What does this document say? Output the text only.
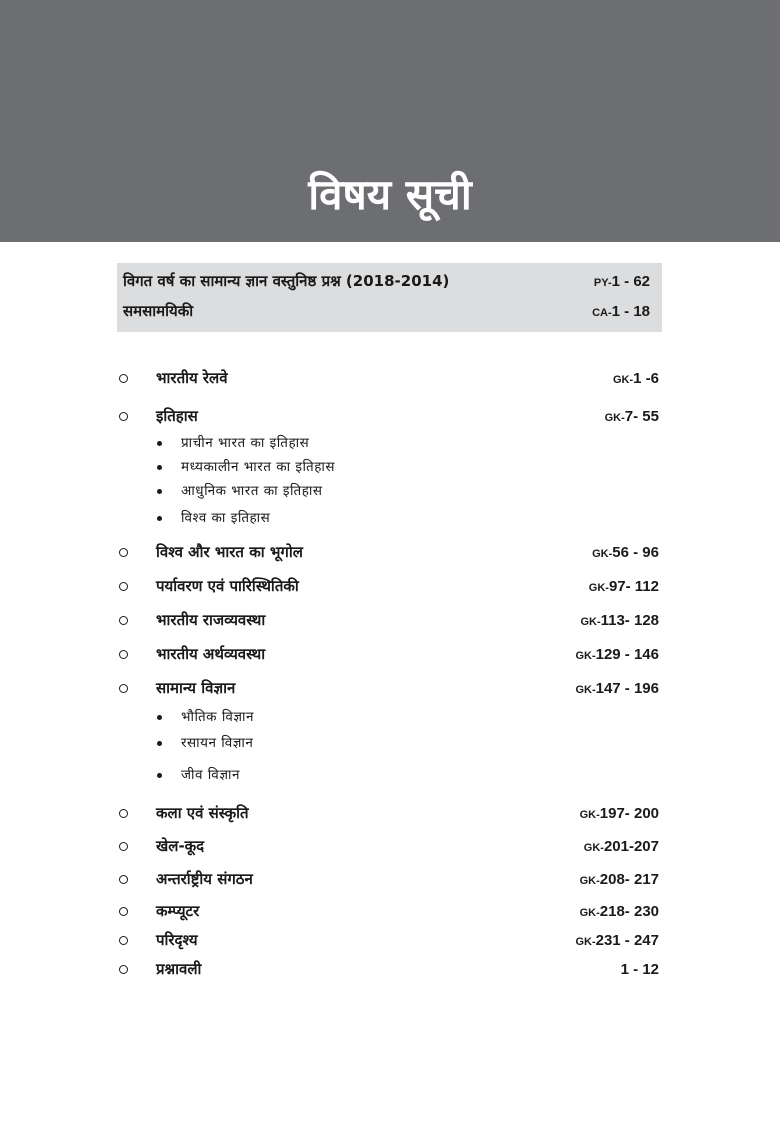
विषय सूची
विगत वर्ष का सामान्य ज्ञान वस्तुनिष्ठ प्रश्न (2018-2014)	PY-1 - 62
समसामयिकी	CA-1 - 18
भारतीय रेलवे	GK-1 -6
इतिहास	GK-7- 55
प्राचीन भारत का इतिहास
मध्यकालीन भारत का इतिहास
आधुनिक भारत का इतिहास
विश्व का इतिहास
विश्व और भारत का भूगोल	GK-56 - 96
पर्यावरण एवं पारिस्थितिकी	GK-97- 112
भारतीय राजव्यवस्था	GK-113- 128
भारतीय अर्थव्यवस्था	GK-129 - 146
सामान्य विज्ञान	GK-147 - 196
भौतिक विज्ञान
रसायन विज्ञान
जीव विज्ञान
कला एवं संस्कृति	GK-197- 200
खेल-कूद	GK-201-207
अन्तर्राष्ट्रीय संगठन	GK-208- 217
कम्प्यूटर	GK-218- 230
परिदृश्य	GK-231 - 247
प्रश्नावली	1 - 12
